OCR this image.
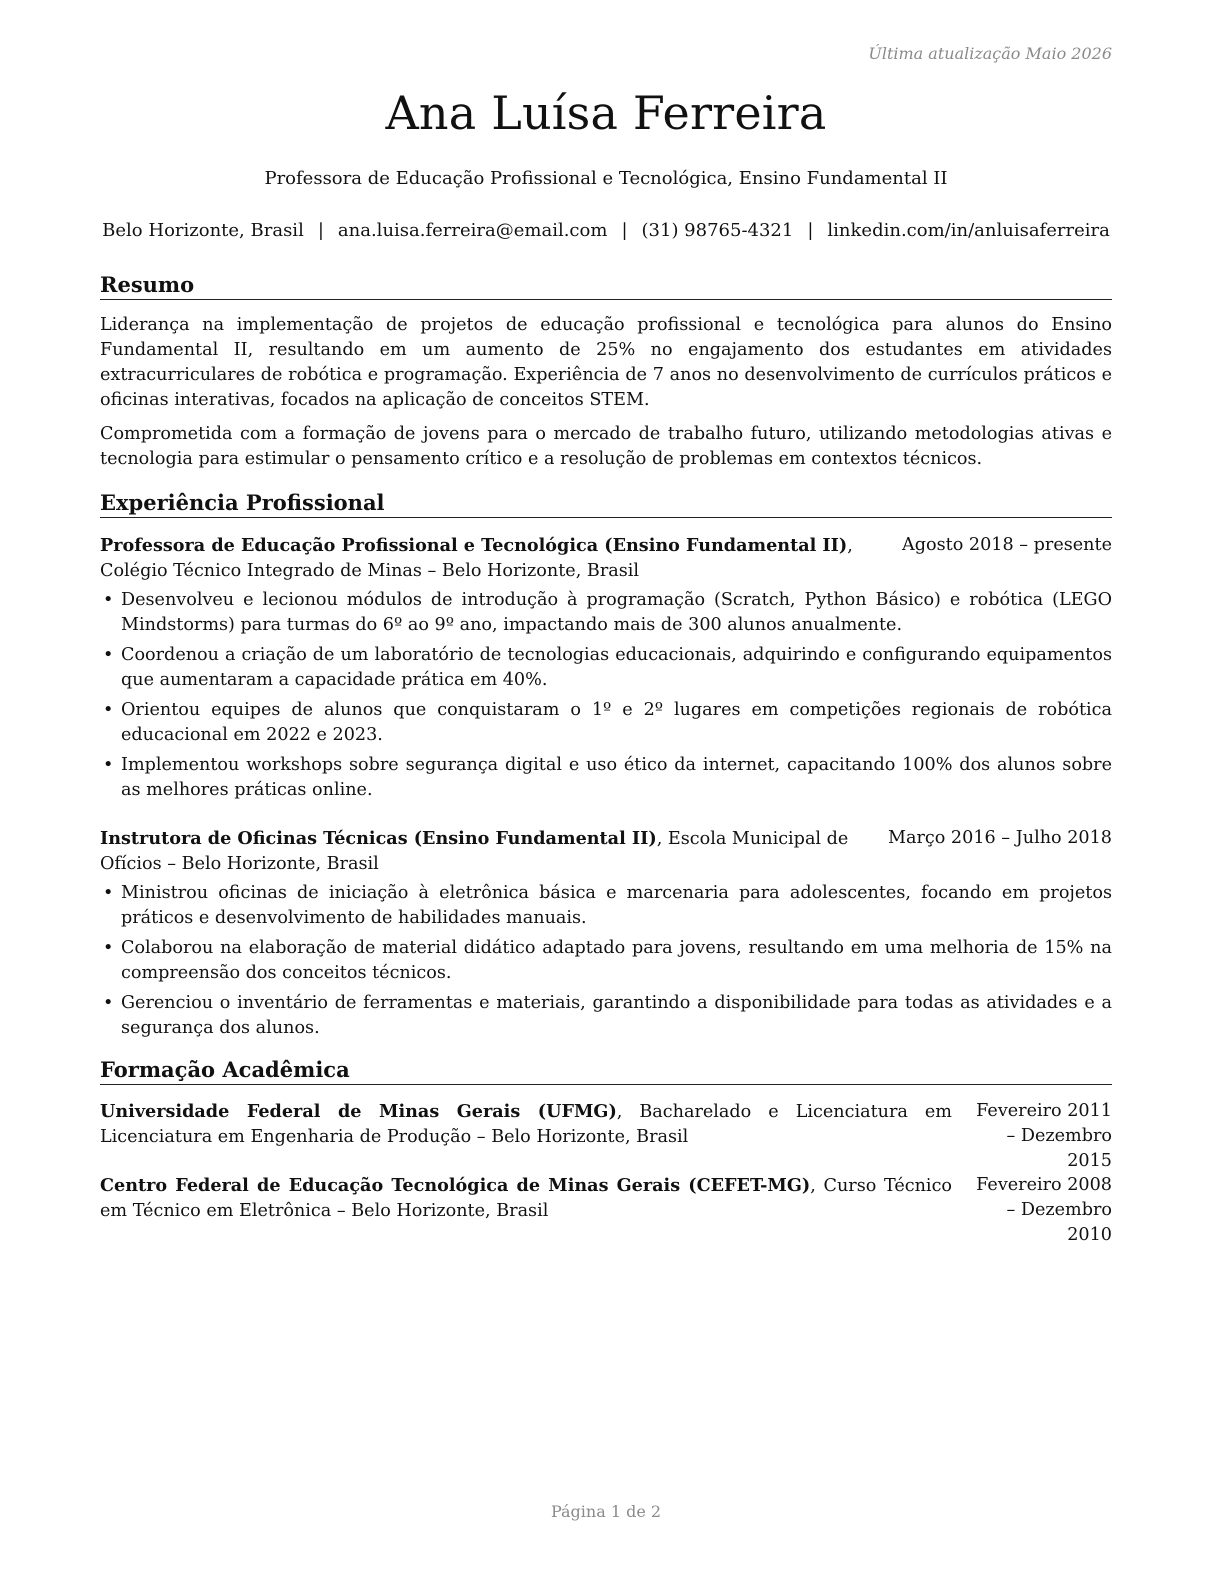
Última atualização Maio 2026
Ana Luísa Ferreira
Professora de Educação Profissional e Tecnológica, Ensino Fundamental II
Belo Horizonte, Brasil | ana.luisa.ferreira@email.com | (31) 98765-4321 | linkedin.com/in/anluisaferreira
Resumo

Liderança na implementação de projetos de educação profissional e tecnológica para alunos do Ensino Fundamental II, resultando em um aumento de 25% no engajamento dos estudantes em atividades extracurriculares de robótica e programação. Experiência de 7 anos no desenvolvimento de currículos práticos e oficinas interativas, focados na aplicação de conceitos STEM.

Comprometida com a formação de jovens para o mercado de trabalho futuro, utilizando metodologias ativas e tecnologia para estimular o pensamento crítico e a resolução de problemas em contextos técnicos.

Experiência Profissional
Professora de Educação Profissional e Tecnológica (Ensino Fundamental II), Colégio Técnico Integrado de Minas – Belo Horizonte, Brasil
Agosto 2018 – presente
• Desenvolveu e lecionou módulos de introdução à programação (Scratch, Python Básico) e robótica (LEGO Mindstorms) para turmas do 6º ao 9º ano, impactando mais de 300 alunos anualmente.
• Coordenou a criação de um laboratório de tecnologias educacionais, adquirindo e configurando equipamentos que aumentaram a capacidade prática em 40%.
• Orientou equipes de alunos que conquistaram o 1º e 2º lugares em competições regionais de robótica educacional em 2022 e 2023.
• Implementou workshops sobre segurança digital e uso ético da internet, capacitando 100% dos alunos sobre as melhores práticas online.
Instrutora de Oficinas Técnicas (Ensino Fundamental II), Escola Municipal de Ofícios – Belo Horizonte, Brasil
Março 2016 – Julho 2018
• Ministrou oficinas de iniciação à eletrônica básica e marcenaria para adolescentes, focando em projetos práticos e desenvolvimento de habilidades manuais.
• Colaborou na elaboração de material didático adaptado para jovens, resultando em uma melhoria de 15% na compreensão dos conceitos técnicos.
• Gerenciou o inventário de ferramentas e materiais, garantindo a disponibilidade para todas as atividades e a segurança dos alunos.
Formação Acadêmica
Universidade Federal de Minas Gerais (UFMG), Bacharelado e Licenciatura em Licenciatura em Engenharia de Produção – Belo Horizonte, Brasil
Fevereiro 2011 – Dezembro 2015
Centro Federal de Educação Tecnológica de Minas Gerais (CEFET-MG), Curso Técnico em Técnico em Eletrônica – Belo Horizonte, Brasil
Fevereiro 2008 – Dezembro 2010
Página 1 de 2
